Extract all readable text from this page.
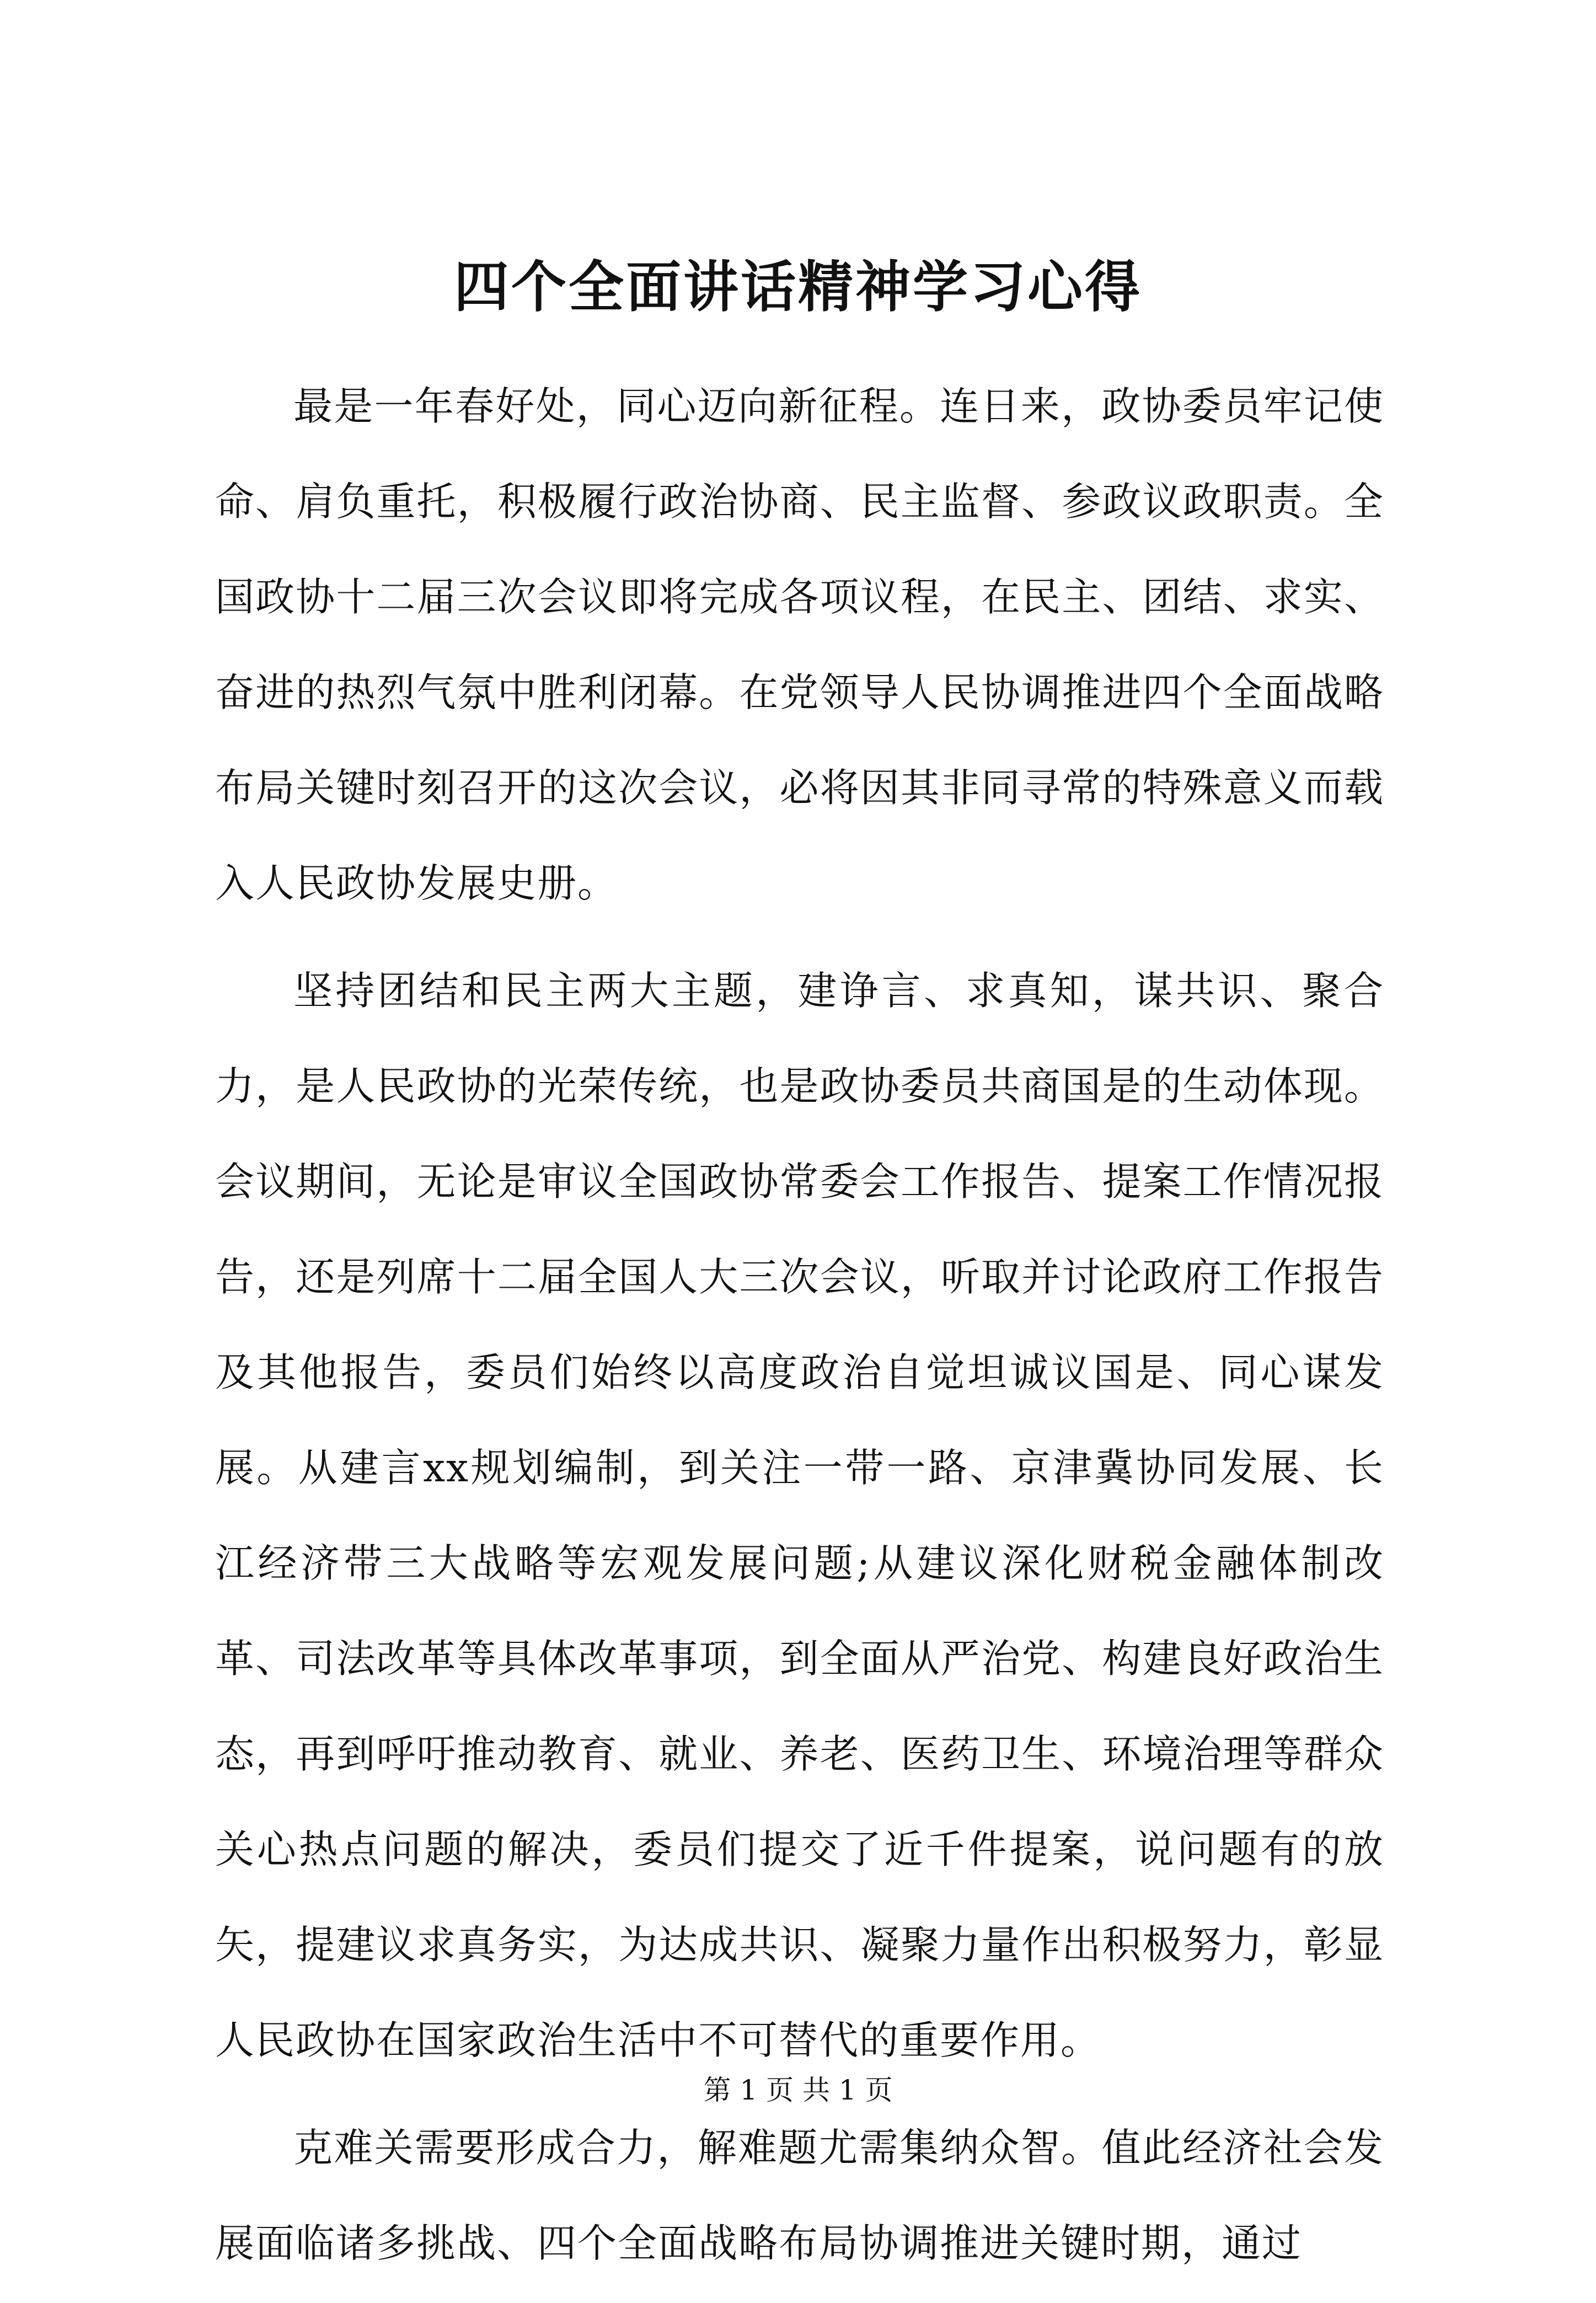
四个全面讲话精神学习心得

最是一年春好处，同心迈向新征程。连日来，政协委员牢记使命、肩负重托，积极履行政治协商、民主监督、参政议政职责。全国政协十二届三次会议即将完成各项议程，在民主、团结、求实、奋进的热烈气氛中胜利闭幕。在党领导人民协调推进四个全面战略布局关键时刻召开的这次会议，必将因其非同寻常的特殊意义而载入人民政协发展史册。

坚持团结和民主两大主题，建诤言、求真知，谋共识、聚合力，是人民政协的光荣传统，也是政协委员共商国是的生动体现。会议期间，无论是审议全国政协常委会工作报告、提案工作情况报告，还是列席十二届全国人大三次会议，听取并讨论政府工作报告及其他报告，委员们始终以高度政治自觉坦诚议国是、同心谋发展。从建言xx规划编制，到关注一带一路、京津冀协同发展、长江经济带三大战略等宏观发展问题;从建议深化财税金融体制改革、司法改革等具体改革事项，到全面从严治党、构建良好政治生态，再到呼吁推动教育、就业、养老、医药卫生、环境治理等群众关心热点问题的解决，委员们提交了近千件提案，说问题有的放矢，提建议求真务实，为达成共识、凝聚力量作出积极努力，彰显人民政协在国家政治生活中不可替代的重要作用。

克难关需要形成合力，解难题尤需集纳众智。值此经济社会发展面临诸多挑战、四个全面战略布局协调推进关键时期，通过

第 1 页 共 1 页
